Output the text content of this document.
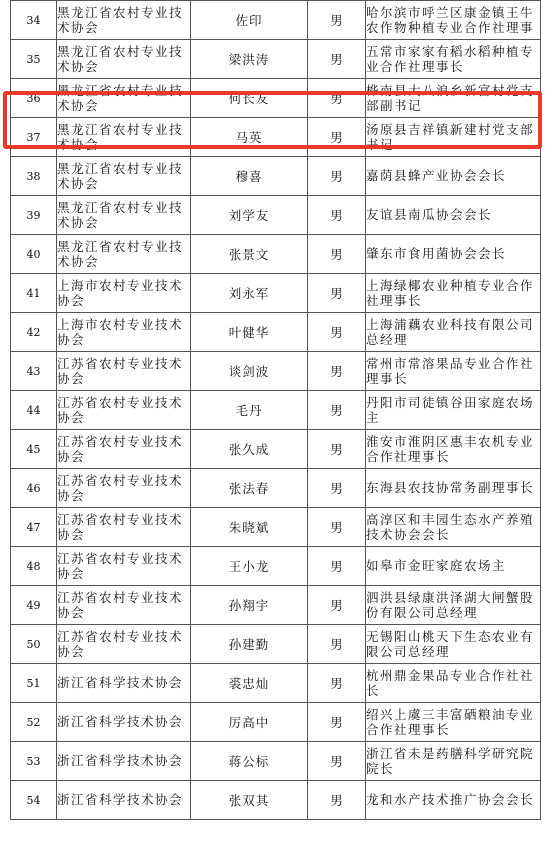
34	黑龙江省农村专业技术协会	佐印	男	哈尔滨市呼兰区康金镇王牛农作物种植专业合作社理事

35	黑龙江省农村专业技术协会	梁洪涛	男	五常市家家有稻水稻种植专业合作社理事长

36	黑龙江省农村专业技术协会	何长友	男	桦南县大八浪乡新富村党支部副书记

37	黑龙江省农村专业技术协会	马英	男	汤原县吉祥镇新建村党支部书记

38	黑龙江省农村专业技术协会	穆喜	男	嘉荫县蜂产业协会会长

39	黑龙江省农村专业技术协会	刘学友	男	友谊县南瓜协会会长

40	黑龙江省农村专业技术协会	张景文	男	肇东市食用菌协会会长

41	上海市农村专业技术协会	刘永军	男	上海绿椰农业种植专业合作社理事长

42	上海市农村专业技术协会	叶健华	男	上海浦藕农业科技有限公司总经理

43	江苏省农村专业技术协会	谈剑波	男	常州市常溶果品专业合作社理事长

44	江苏省农村专业技术协会	毛丹	男	丹阳市司徒镇谷田家庭农场主

45	江苏省农村专业技术协会	张久成	男	淮安市淮阴区惠丰农机专业合作社理事长

46	江苏省农村专业技术协会	张法春	男	东海县农技协常务副理事长

47	江苏省农村专业技术协会	朱晓斌	男	高淳区和丰园生态水产养殖技术协会会长

48	江苏省农村专业技术协会	王小龙	男	如皋市金旺家庭农场主

49	江苏省农村专业技术协会	孙翔宇	男	泗洪县绿康洪泽湖大闸蟹股份有限公司总经理

50	江苏省农村专业技术协会	孙建勤	男	无锡阳山桃天下生态农业有限公司总经理

51	浙江省科学技术协会	裘忠灿	男	杭州鼎金果品专业合作社社长

52	浙江省科学技术协会	厉高中	男	绍兴上虞三丰富硒粮油专业合作社理事长

53	浙江省科学技术协会	蒋公标	男	浙江省未是药膳科学研究院院长

54	浙江省科学技术协会	张双其	男	龙和水产技术推广协会会长
